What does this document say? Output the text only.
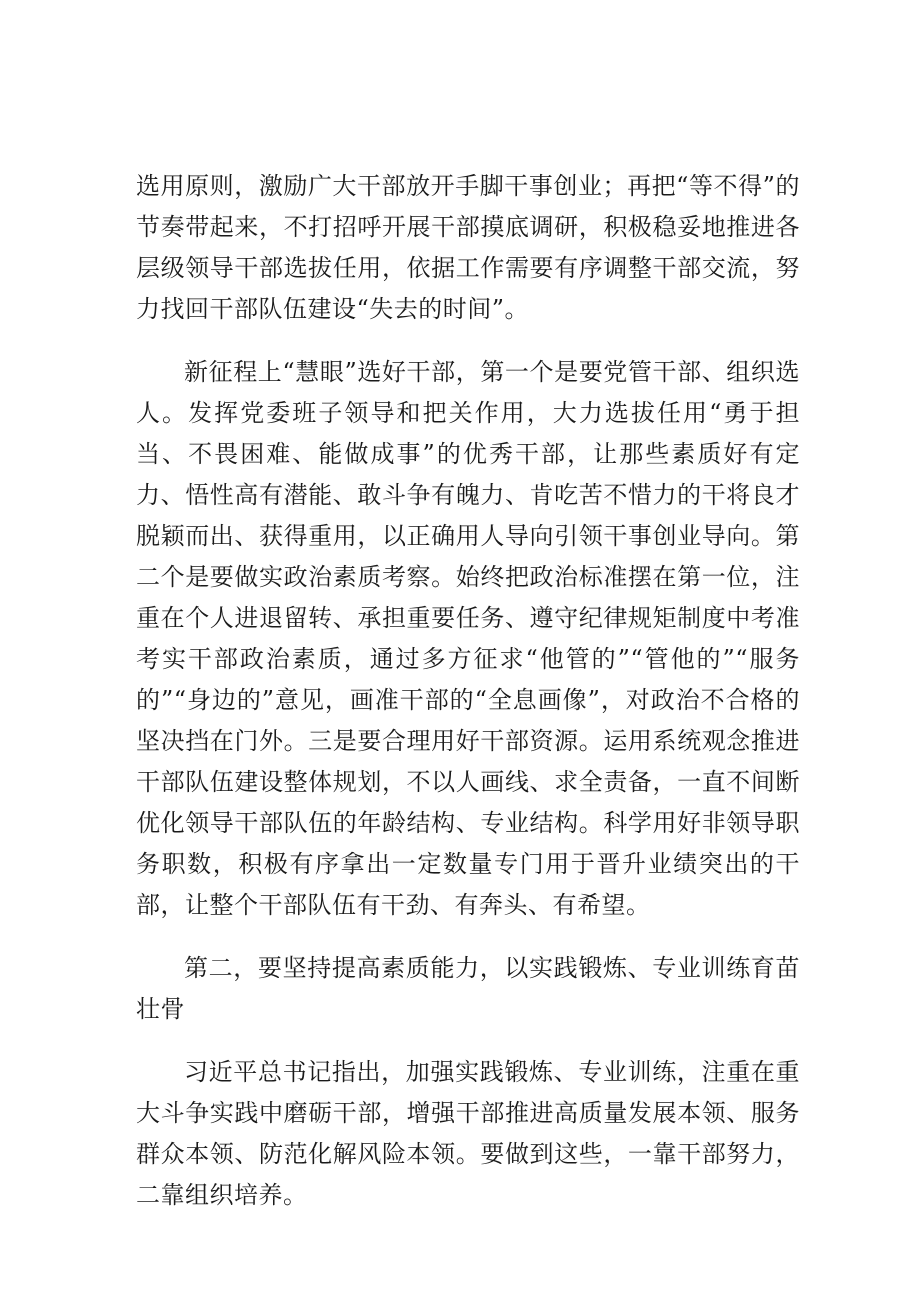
选用原则，激励广大干部放开手脚干事创业；再把“等不得”的节奏带起来，不打招呼开展干部摸底调研，积极稳妥地推进各层级领导干部选拔任用，依据工作需要有序调整干部交流，努力找回干部队伍建设“失去的时间”。

新征程上“慧眼”选好干部，第一个是要党管干部、组织选人。发挥党委班子领导和把关作用，大力选拔任用“勇于担当、不畏困难、能做成事”的优秀干部，让那些素质好有定力、悟性高有潜能、敢斗争有魄力、肯吃苦不惜力的干将良才脱颖而出、获得重用，以正确用人导向引领干事创业导向。第二个是要做实政治素质考察。始终把政治标准摆在第一位，注重在个人进退留转、承担重要任务、遵守纪律规矩制度中考准考实干部政治素质，通过多方征求“他管的”“管他的”“服务的”“身边的”意见，画准干部的“全息画像”，对政治不合格的坚决挡在门外。三是要合理用好干部资源。运用系统观念推进干部队伍建设整体规划，不以人画线、求全责备，一直不间断优化领导干部队伍的年龄结构、专业结构。科学用好非领导职务职数，积极有序拿出一定数量专门用于晋升业绩突出的干部，让整个干部队伍有干劲、有奔头、有希望。

第二，要坚持提高素质能力，以实践锻炼、专业训练育苗壮骨

习近平总书记指出，加强实践锻炼、专业训练，注重在重大斗争实践中磨砺干部，增强干部推进高质量发展本领、服务群众本领、防范化解风险本领。要做到这些，一靠干部努力，二靠组织培养。
